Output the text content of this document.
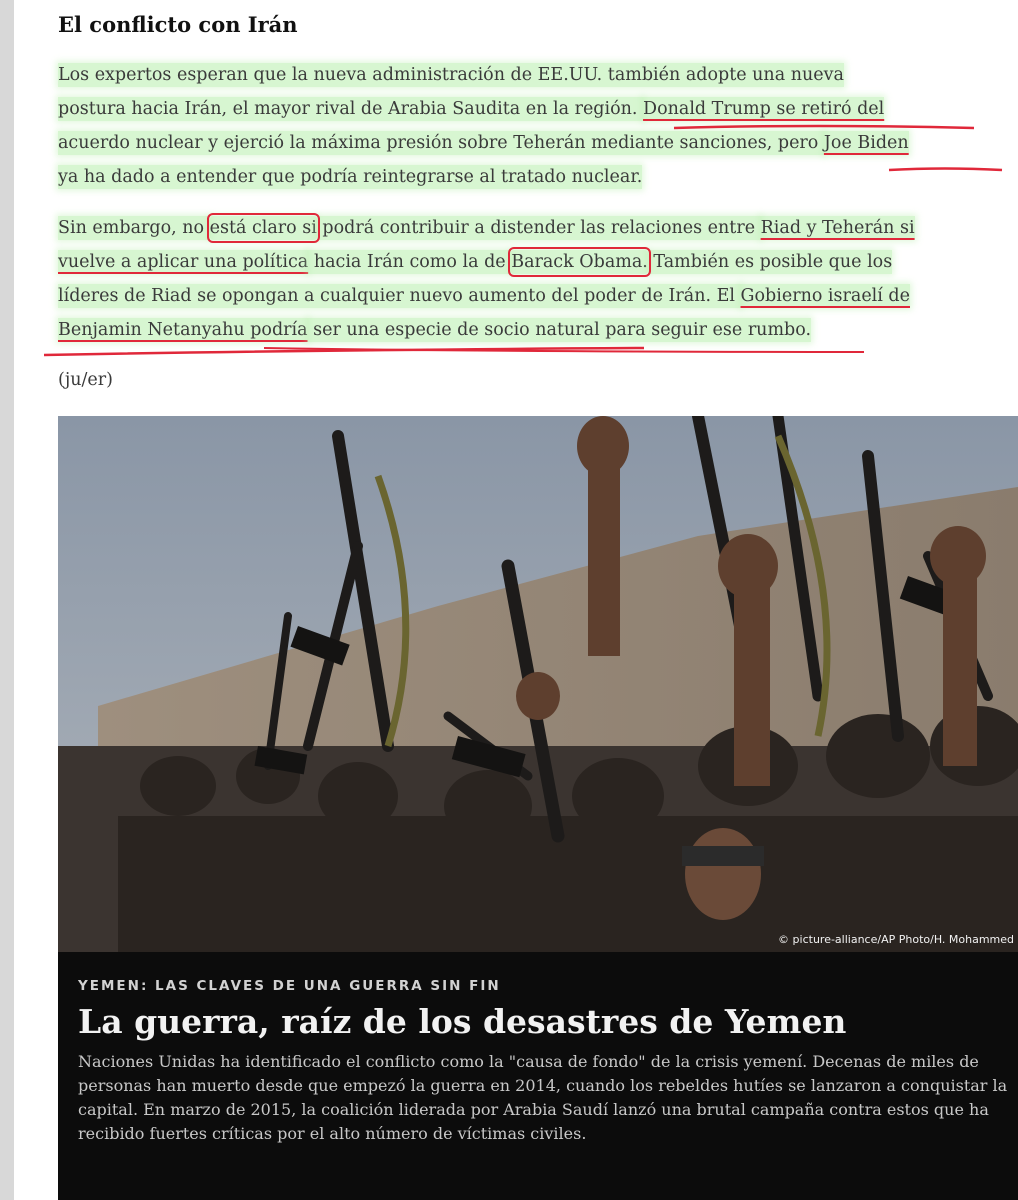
El conflicto con Irán

Los expertos esperan que la nueva administración de EE.UU. también adopte una nueva
postura hacia Irán, el mayor rival de Arabia Saudita en la región. Donald Trump se retiró del
acuerdo nuclear y ejerció la máxima presión sobre Teherán mediante sanciones, pero Joe Biden
ya ha dado a entender que podría reintegrarse al tratado nuclear.

Sin embargo, no está claro si podrá contribuir a distender las relaciones entre Riad y Teherán si
vuelve a aplicar una política hacia Irán como la de Barack Obama. También es posible que los
líderes de Riad se opongan a cualquier nuevo aumento del poder de Irán. El Gobierno israelí de
Benjamin Netanyahu podría ser una especie de socio natural para seguir ese rumbo.

(ju/er)

© picture-alliance/AP Photo/H. Mohammed

YEMEN: LAS CLAVES DE UNA GUERRA SIN FIN

La guerra, raíz de los desastres de Yemen

Naciones Unidas ha identificado el conflicto como la "causa de fondo" de la crisis yemení. Decenas de miles de personas han muerto desde que empezó la guerra en 2014, cuando los rebeldes hutíes se lanzaron a conquistar la capital. En marzo de 2015, la coalición liderada por Arabia Saudí lanzó una brutal campaña contra estos que ha recibido fuertes críticas por el alto número de víctimas civiles.
